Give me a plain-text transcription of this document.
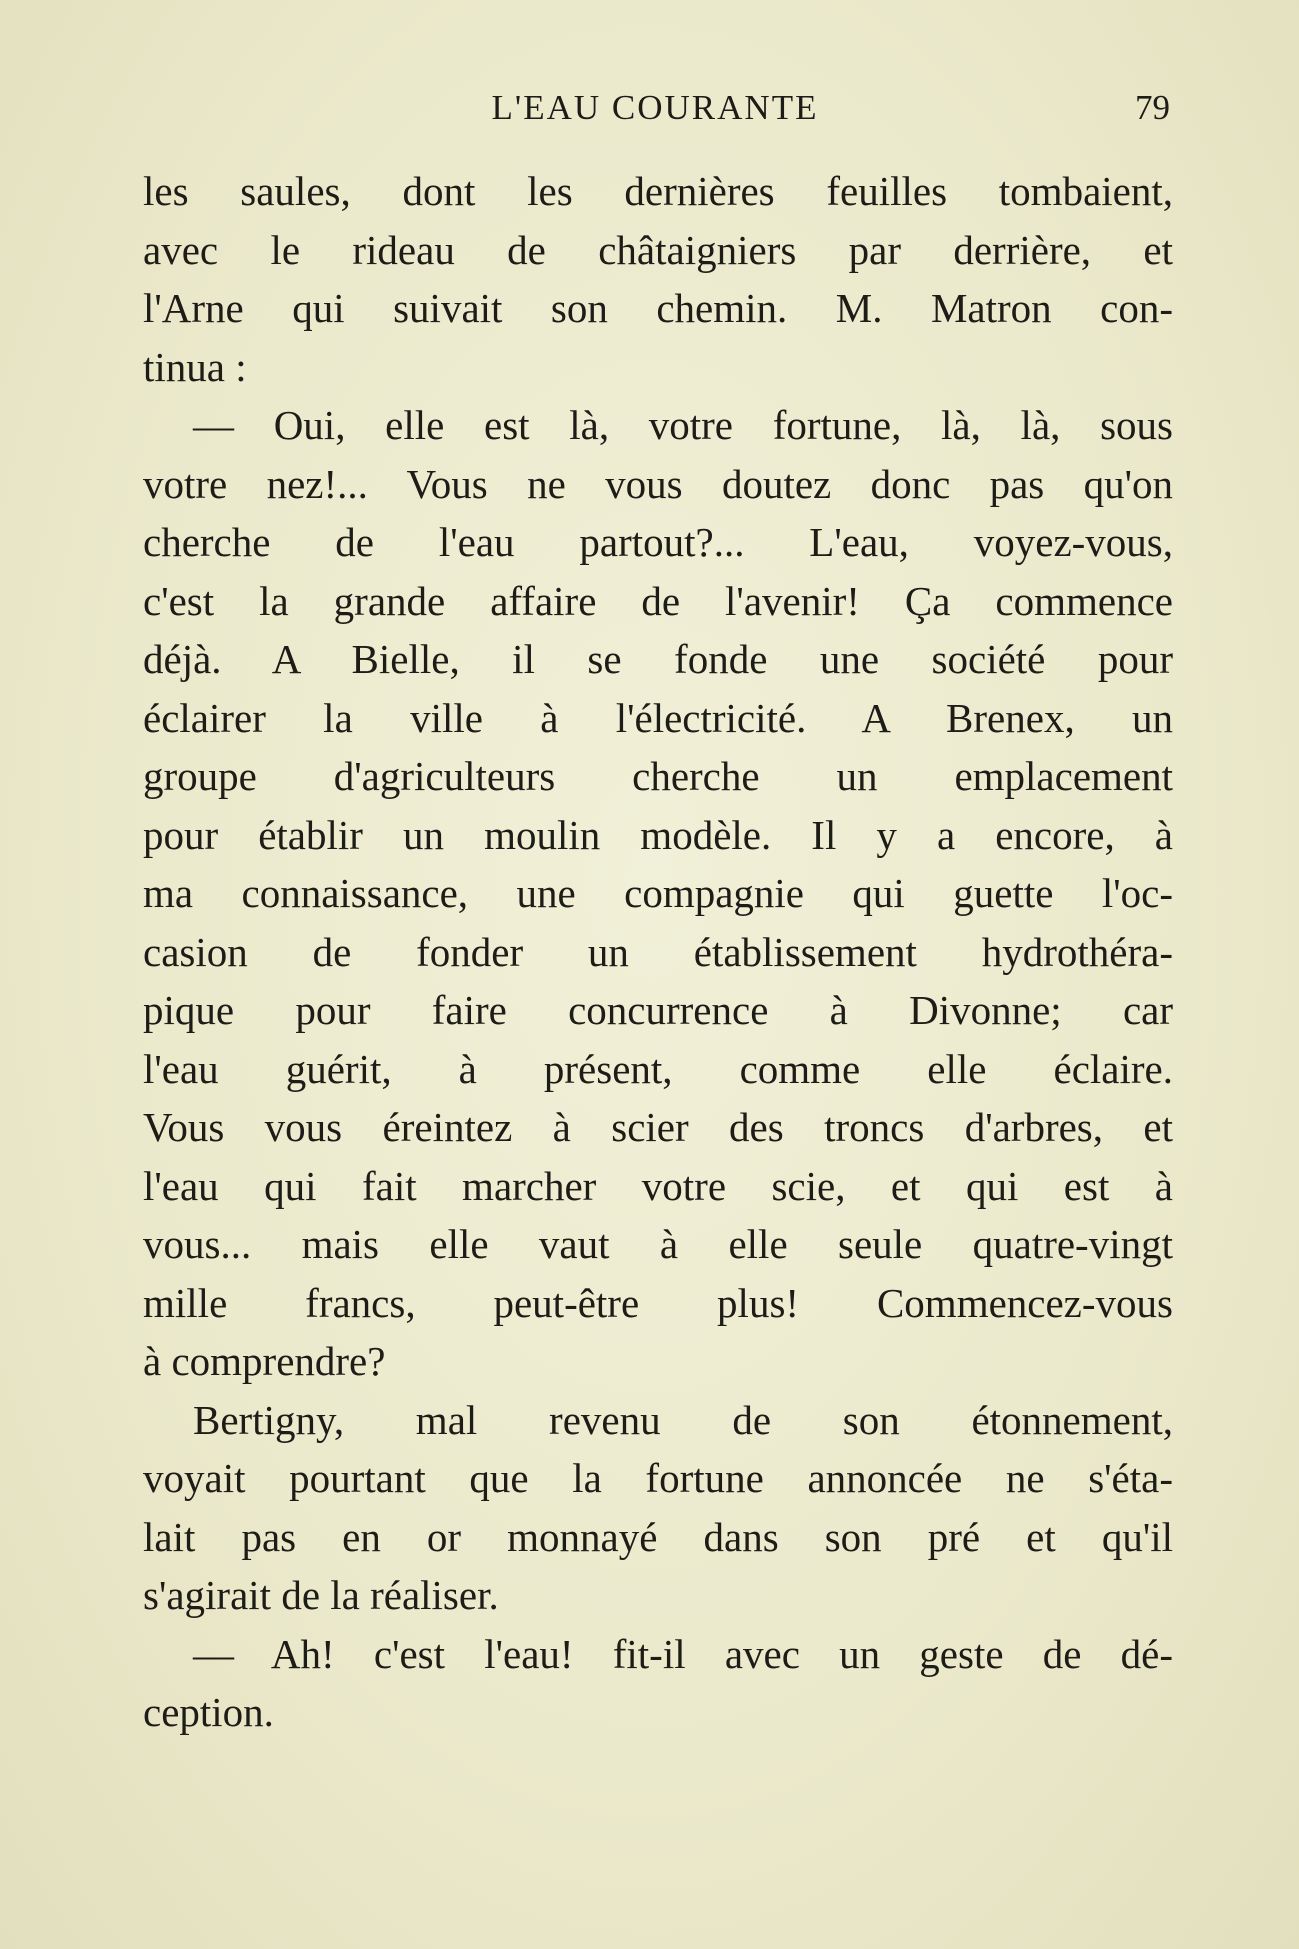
L'EAU COURANTE	79
les saules, dont les dernières feuilles tombaient,
avec le rideau de châtaigniers par derrière, et
l'Arne qui suivait son chemin. M. Matron con-
tinua :
— Oui, elle est là, votre fortune, là, là, sous
votre nez!... Vous ne vous doutez donc pas qu'on
cherche de l'eau partout?... L'eau, voyez-vous,
c'est la grande affaire de l'avenir! Ça commence
déjà. A Bielle, il se fonde une société pour
éclairer la ville à l'électricité. A Brenex, un
groupe d'agriculteurs cherche un emplacement
pour établir un moulin modèle. Il y a encore, à
ma connaissance, une compagnie qui guette l'oc-
casion de fonder un établissement hydrothéra-
pique pour faire concurrence à Divonne; car
l'eau guérit, à présent, comme elle éclaire.
Vous vous éreintez à scier des troncs d'arbres, et
l'eau qui fait marcher votre scie, et qui est à
vous... mais elle vaut à elle seule quatre-vingt
mille francs, peut-être plus! Commencez-vous
à comprendre?
Bertigny, mal revenu de son étonnement,
voyait pourtant que la fortune annoncée ne s'éta-
lait pas en or monnayé dans son pré et qu'il
s'agirait de la réaliser.
— Ah! c'est l'eau! fit-il avec un geste de dé-
ception.
